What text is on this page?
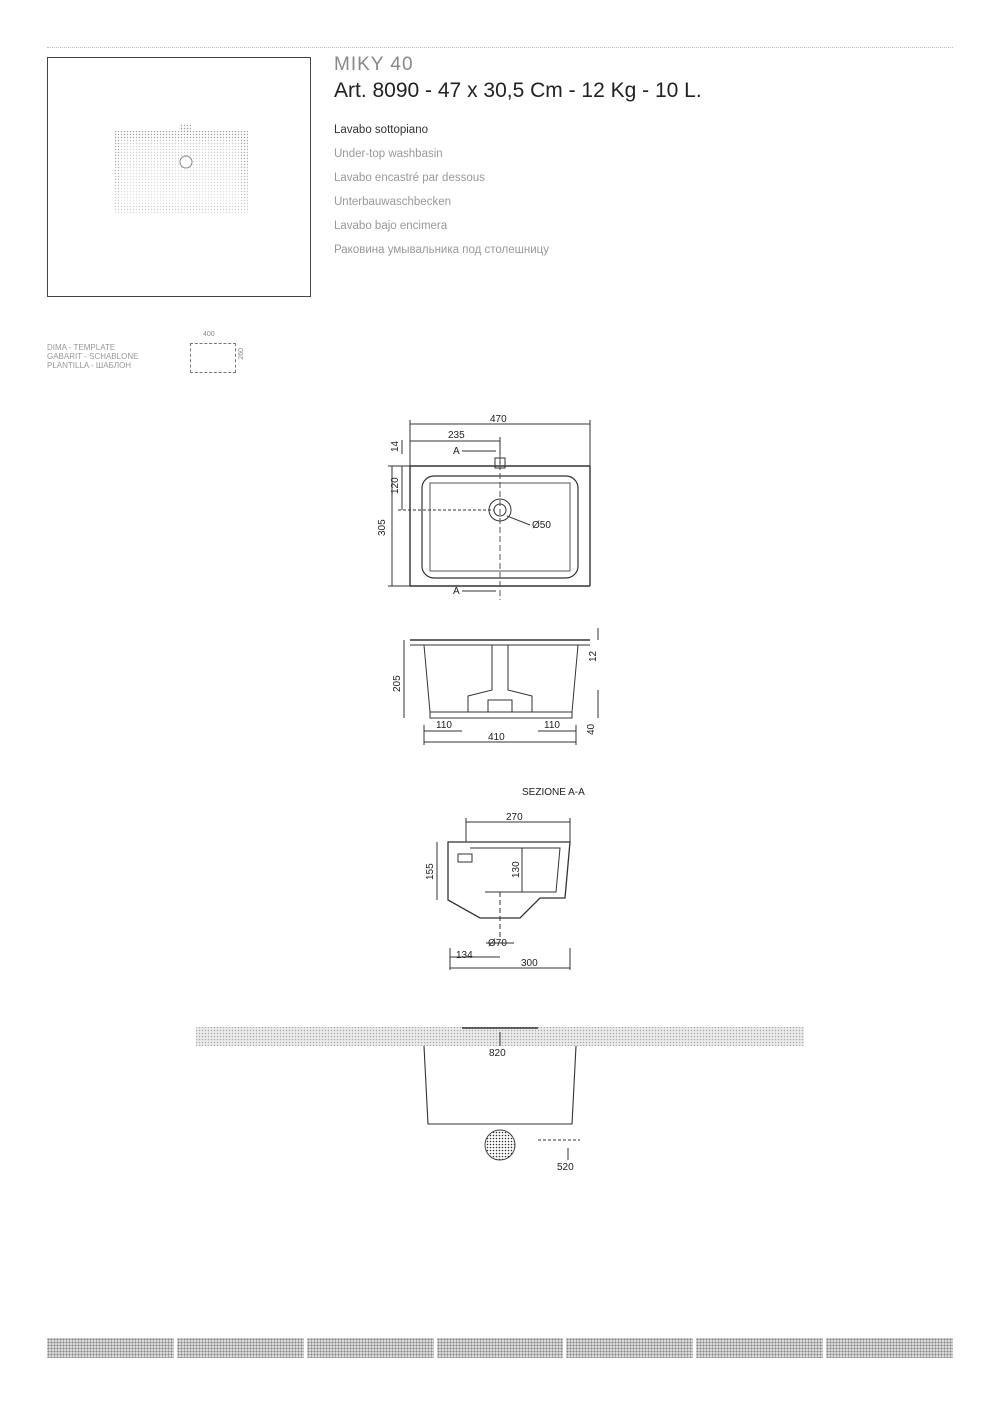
MIKY 40
Art. 8090 - 47 x 30,5 Cm - 12 Kg - 10 L.
Lavabo sottopiano
Under-top washbasin
Lavabo encastré par dessous
Unterbauwaschbecken
Lavabo bajo encimera
Раковина умывальника под столешницу
DIMA - TEMPLATE
GABARIT - SCHABLONE
PLANTILLA - ШАБЛОН
400
260
470
235
14
120
305	Ø50
A
A
205
12
40
110	110
410
155	130
270
Ø70
134
300
820
520
SEZIONE A-A
